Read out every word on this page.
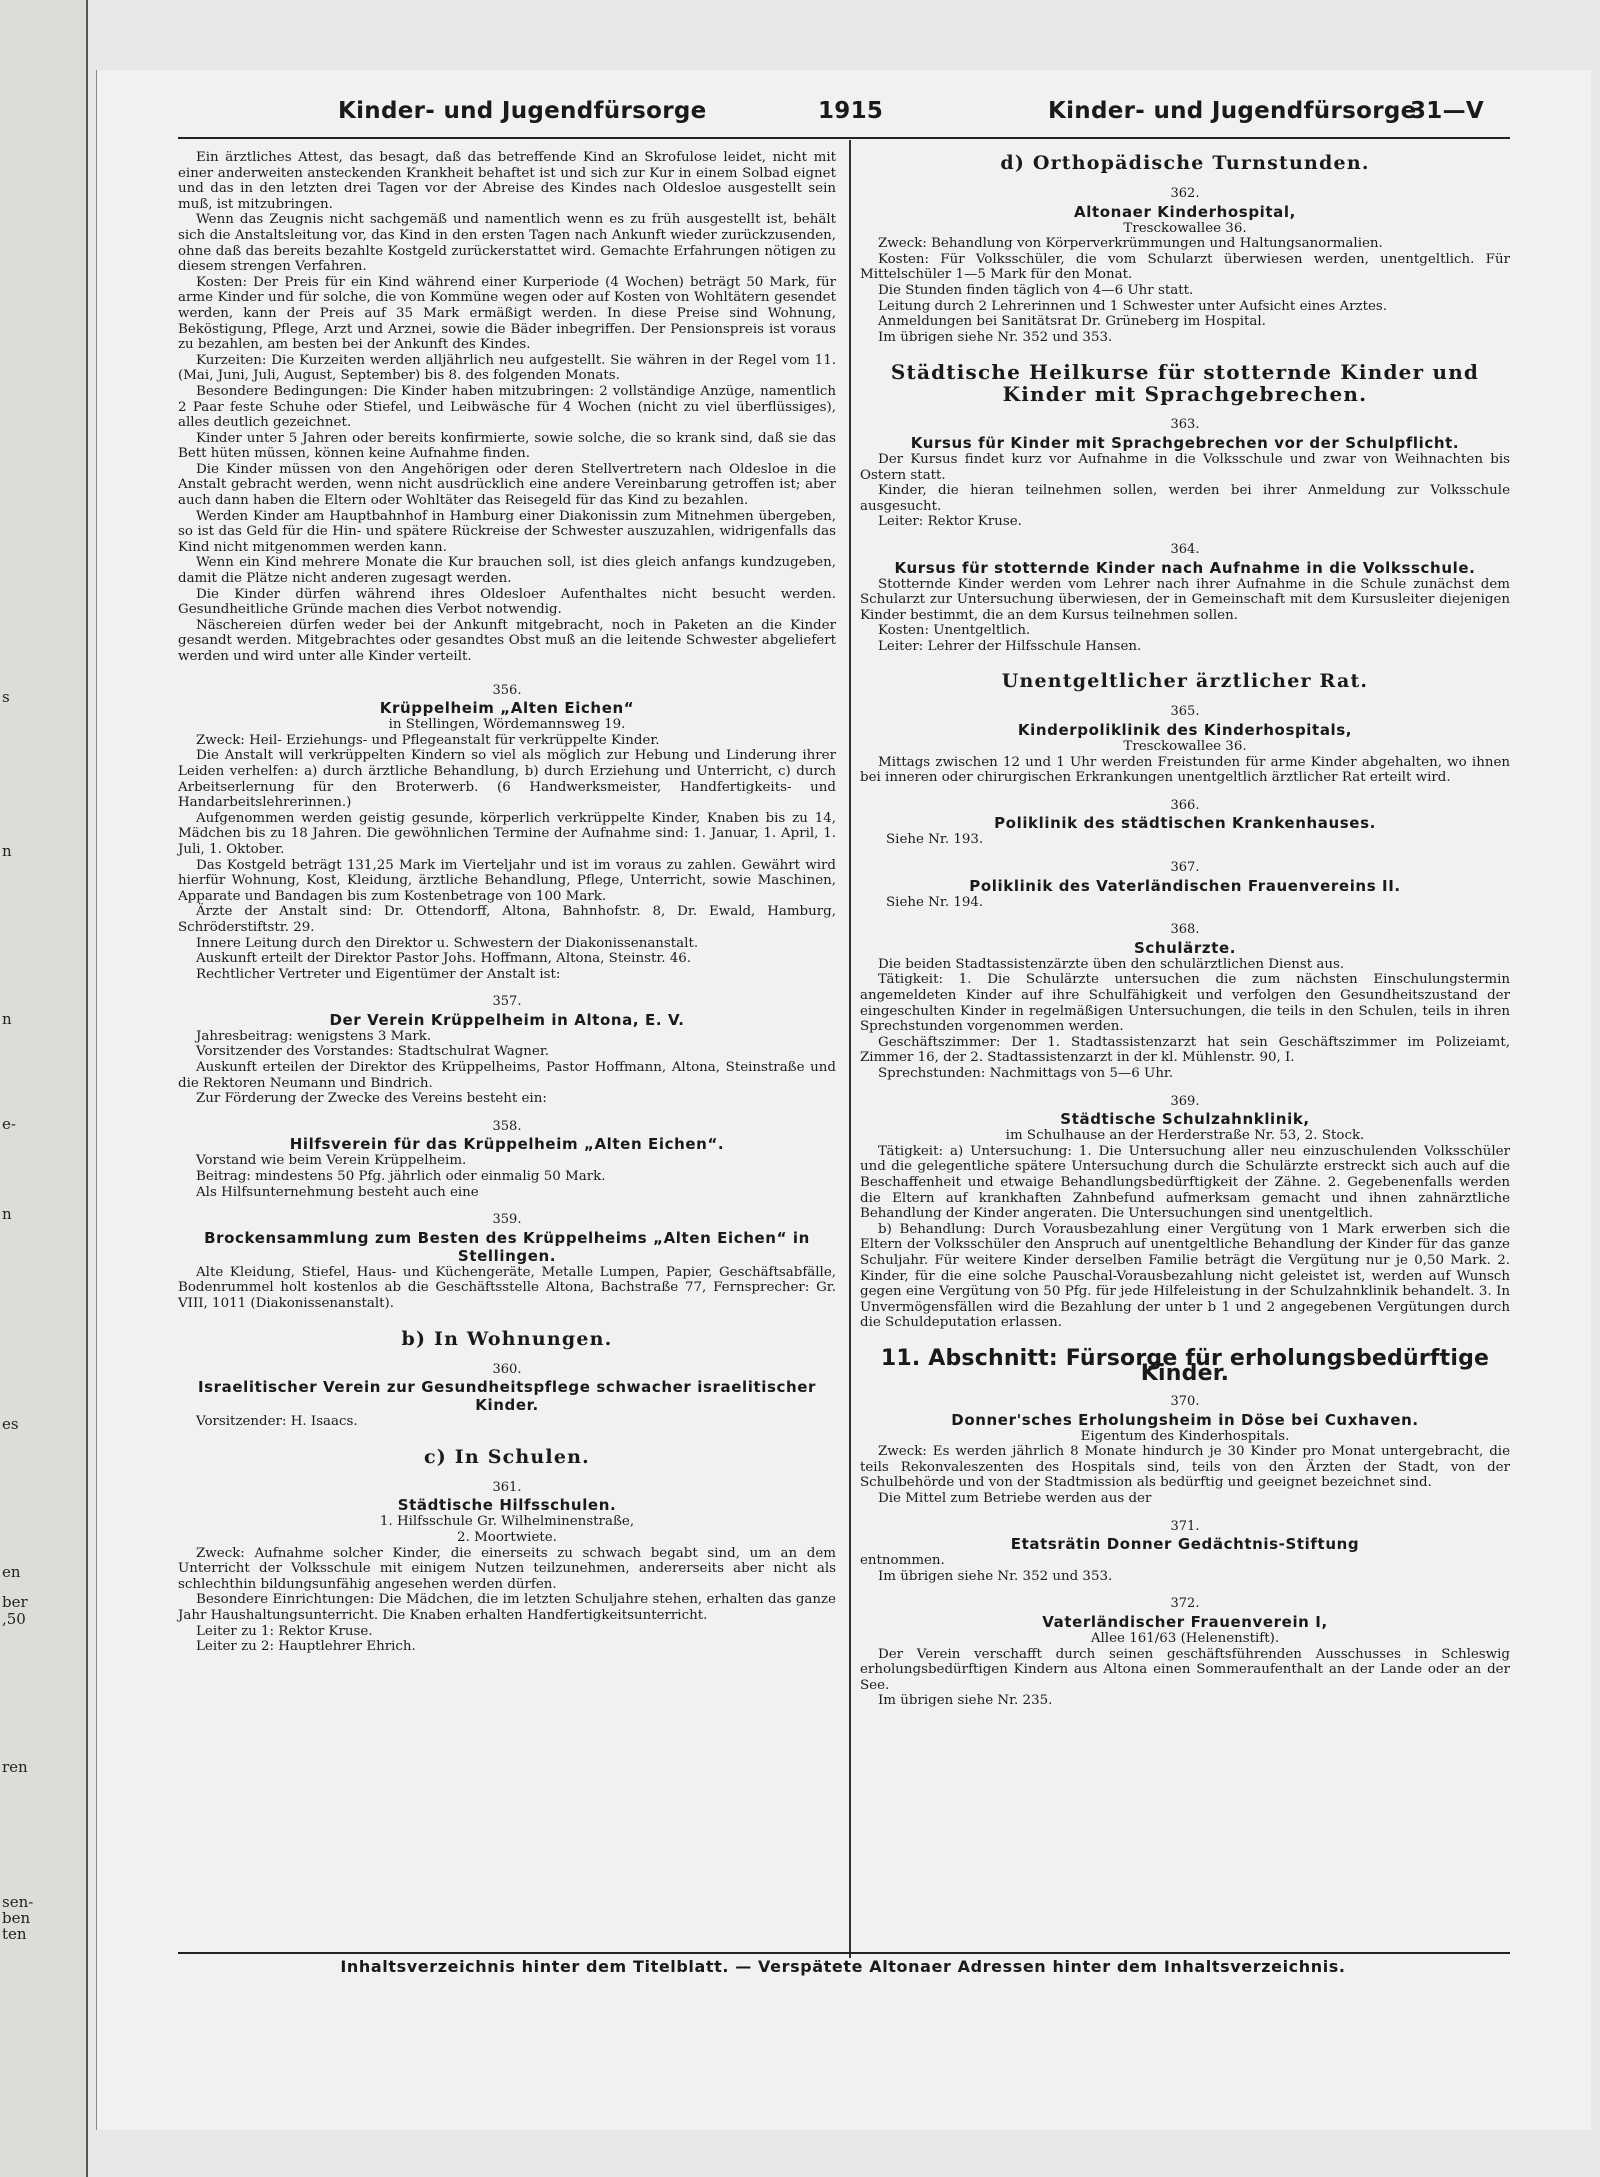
s
n
n
e-
n
es
en
ber
,50
ren
sen-
ben
ten
Kinder- und Jugendfürsorge	1915	Kinder- und Jugendfürsorge
31—V

Ein ärztliches Attest, das besagt, daß das betreffende Kind an Skrofulose leidet, nicht mit einer anderweiten ansteckenden Krankheit behaftet ist und sich zur Kur in einem Solbad eignet und das in den letzten drei Tagen vor der Abreise des Kindes nach Oldesloe ausgestellt sein muß, ist mitzubringen.

Wenn das Zeugnis nicht sachgemäß und namentlich wenn es zu früh ausgestellt ist, behält sich die Anstaltsleitung vor, das Kind in den ersten Tagen nach Ankunft wieder zurückzusenden, ohne daß das bereits bezahlte Kostgeld zurückerstattet wird. Gemachte Erfahrungen nötigen zu diesem strengen Verfahren.

Kosten: Der Preis für ein Kind während einer Kurperiode (4 Wochen) beträgt 50 Mark, für arme Kinder und für solche, die von Kommüne wegen oder auf Kosten von Wohltätern gesendet werden, kann der Preis auf 35 Mark ermäßigt werden. In diese Preise sind Wohnung, Beköstigung, Pflege, Arzt und Arznei, sowie die Bäder inbegriffen. Der Pensionspreis ist voraus zu bezahlen, am besten bei der Ankunft des Kindes.

Kurzeiten: Die Kurzeiten werden alljährlich neu aufgestellt. Sie währen in der Regel vom 11. (Mai, Juni, Juli, August, September) bis 8. des folgenden Monats.

Besondere Bedingungen: Die Kinder haben mitzubringen: 2 vollständige Anzüge, namentlich 2 Paar feste Schuhe oder Stiefel, und Leibwäsche für 4 Wochen (nicht zu viel überflüssiges), alles deutlich gezeichnet.

Kinder unter 5 Jahren oder bereits konfirmierte, sowie solche, die so krank sind, daß sie das Bett hüten müssen, können keine Aufnahme finden.

Die Kinder müssen von den Angehörigen oder deren Stellvertretern nach Oldesloe in die Anstalt gebracht werden, wenn nicht ausdrücklich eine andere Vereinbarung getroffen ist; aber auch dann haben die Eltern oder Wohltäter das Reisegeld für das Kind zu bezahlen.

Werden Kinder am Hauptbahnhof in Hamburg einer Diakonissin zum Mitnehmen übergeben, so ist das Geld für die Hin- und spätere Rückreise der Schwester auszuzahlen, widrigenfalls das Kind nicht mitgenommen werden kann.

Wenn ein Kind mehrere Monate die Kur brauchen soll, ist dies gleich anfangs kundzugeben, damit die Plätze nicht anderen zugesagt werden.

Die Kinder dürfen während ihres Oldesloer Aufenthaltes nicht besucht werden. Gesundheitliche Gründe machen dies Verbot notwendig.

Näschereien dürfen weder bei der Ankunft mitgebracht, noch in Paketen an die Kinder gesandt werden. Mitgebrachtes oder gesandtes Obst muß an die leitende Schwester abgeliefert werden und wird unter alle Kinder verteilt.

356.
Krüppelheim „Alten Eichen“
in Stellingen, Wördemannsweg 19.

Zweck: Heil- Erziehungs- und Pflegeanstalt für verkrüppelte Kinder.

Die Anstalt will verkrüppelten Kindern so viel als möglich zur Hebung und Linderung ihrer Leiden verhelfen: a) durch ärztliche Behandlung, b) durch Erziehung und Unterricht, c) durch Arbeitserlernung für den Broterwerb. (6 Handwerksmeister, Handfertigkeits- und Handarbeitslehrerinnen.)

Aufgenommen werden geistig gesunde, körperlich verkrüppelte Kinder, Knaben bis zu 14, Mädchen bis zu 18 Jahren. Die gewöhnlichen Termine der Aufnahme sind: 1. Januar, 1. April, 1. Juli, 1. Oktober.

Das Kostgeld beträgt 131,25 Mark im Vierteljahr und ist im voraus zu zahlen. Gewährt wird hierfür Wohnung, Kost, Kleidung, ärztliche Behandlung, Pflege, Unterricht, sowie Maschinen, Apparate und Bandagen bis zum Kostenbetrage von 100 Mark.

Ärzte der Anstalt sind: Dr. Ottendorff, Altona, Bahnhofstr. 8, Dr. Ewald, Hamburg, Schröderstiftstr. 29.

Innere Leitung durch den Direktor u. Schwestern der Diakonissenanstalt.

Auskunft erteilt der Direktor Pastor Johs. Hoffmann, Altona, Steinstr. 46.

Rechtlicher Vertreter und Eigentümer der Anstalt ist:

357.
Der Verein Krüppelheim in Altona, E. V.

Jahresbeitrag: wenigstens 3 Mark.

Vorsitzender des Vorstandes: Stadtschulrat Wagner.

Auskunft erteilen der Direktor des Krüppelheims, Pastor Hoffmann, Altona, Steinstraße und die Rektoren Neumann und Bindrich.

Zur Förderung der Zwecke des Vereins besteht ein:

358.
Hilfsverein für das Krüppelheim „Alten Eichen“.

Vorstand wie beim Verein Krüppelheim.

Beitrag: mindestens 50 Pfg. jährlich oder einmalig 50 Mark.

Als Hilfsunternehmung besteht auch eine

359.
Brockensammlung zum Besten des Krüppelheims „Alten Eichen“ in Stellingen.

Alte Kleidung, Stiefel, Haus- und Küchengeräte, Metalle Lumpen, Papier, Geschäftsabfälle, Bodenrummel holt kostenlos ab die Geschäftsstelle Altona, Bachstraße 77, Fernsprecher: Gr. VIII, 1011 (Diakonissenanstalt).

b) In Wohnungen.
360.
Israelitischer Verein zur Gesundheitspflege schwacher israelitischer Kinder.

Vorsitzender: H. Isaacs.

c) In Schulen.
361.
Städtische Hilfsschulen.
1. Hilfsschule Gr. Wilhelminenstraße,
2. Moortwiete.

Zweck: Aufnahme solcher Kinder, die einerseits zu schwach begabt sind, um an dem Unterricht der Volksschule mit einigem Nutzen teilzunehmen, andererseits aber nicht als schlechthin bildungsunfähig angesehen werden dürfen.

Besondere Einrichtungen: Die Mädchen, die im letzten Schuljahre stehen, erhalten das ganze Jahr Haushaltungsunterricht. Die Knaben erhalten Handfertigkeitsunterricht.

Leiter zu 1: Rektor Kruse.

Leiter zu 2: Hauptlehrer Ehrich.

d) Orthopädische Turnstunden.
362.
Altonaer Kinderhospital,
Tresckowallee 36.

Zweck: Behandlung von Körperverkrümmungen und Haltungsanormalien.

Kosten: Für Volksschüler, die vom Schularzt überwiesen werden, unentgeltlich. Für Mittelschüler 1—5 Mark für den Monat.

Die Stunden finden täglich von 4—6 Uhr statt.

Leitung durch 2 Lehrerinnen und 1 Schwester unter Aufsicht eines Arztes.

Anmeldungen bei Sanitätsrat Dr. Grüneberg im Hospital.

Im übrigen siehe Nr. 352 und 353.

Städtische Heilkurse für stotternde Kinder und Kinder mit Sprachgebrechen.
363.
Kursus für Kinder mit Sprachgebrechen vor der Schulpflicht.

Der Kursus findet kurz vor Aufnahme in die Volksschule und zwar von Weihnachten bis Ostern statt.

Kinder, die hieran teilnehmen sollen, werden bei ihrer Anmeldung zur Volksschule ausgesucht.

Leiter: Rektor Kruse.

364.
Kursus für stotternde Kinder nach Aufnahme in die Volksschule.

Stotternde Kinder werden vom Lehrer nach ihrer Aufnahme in die Schule zunächst dem Schularzt zur Untersuchung überwiesen, der in Gemeinschaft mit dem Kursusleiter diejenigen Kinder bestimmt, die an dem Kursus teilnehmen sollen.

Kosten: Unentgeltlich.

Leiter: Lehrer der Hilfsschule Hansen.

Unentgeltlicher ärztlicher Rat.
365.
Kinderpoliklinik des Kinderhospitals,
Tresckowallee 36.

Mittags zwischen 12 und 1 Uhr werden Freistunden für arme Kinder abgehalten, wo ihnen bei inneren oder chirurgischen Erkrankungen unentgeltlich ärztlicher Rat erteilt wird.

366.
Poliklinik des städtischen Krankenhauses.

Siehe Nr. 193.

367.
Poliklinik des Vaterländischen Frauenvereins II.

Siehe Nr. 194.

368.
Schulärzte.

Die beiden Stadtassistenzärzte üben den schulärztlichen Dienst aus.

Tätigkeit: 1. Die Schulärzte untersuchen die zum nächsten Einschulungstermin angemeldeten Kinder auf ihre Schulfähigkeit und verfolgen den Gesundheitszustand der eingeschulten Kinder in regelmäßigen Untersuchungen, die teils in den Schulen, teils in ihren Sprechstunden vorgenommen werden.

Geschäftszimmer: Der 1. Stadtassistenzarzt hat sein Geschäftszimmer im Polizeiamt, Zimmer 16, der 2. Stadtassistenzarzt in der kl. Mühlenstr. 90, I.

Sprechstunden: Nachmittags von 5—6 Uhr.

369.
Städtische Schulzahnklinik,
im Schulhause an der Herderstraße Nr. 53, 2. Stock.

Tätigkeit: a) Untersuchung: 1. Die Untersuchung aller neu einzuschulenden Volksschüler und die gelegentliche spätere Untersuchung durch die Schulärzte erstreckt sich auch auf die Beschaffenheit und etwaige Behandlungsbedürftigkeit der Zähne. 2. Gegebenenfalls werden die Eltern auf krankhaften Zahnbefund aufmerksam gemacht und ihnen zahnärztliche Behandlung der Kinder angeraten. Die Untersuchungen sind unentgeltlich.

b) Behandlung: Durch Vorausbezahlung einer Vergütung von 1 Mark erwerben sich die Eltern der Volksschüler den Anspruch auf unentgeltliche Behandlung der Kinder für das ganze Schuljahr. Für weitere Kinder derselben Familie beträgt die Vergütung nur je 0,50 Mark. 2. Kinder, für die eine solche Pauschal-Vorausbezahlung nicht geleistet ist, werden auf Wunsch gegen eine Vergütung von 50 Pfg. für jede Hilfeleistung in der Schulzahnklinik behandelt. 3. In Unvermögensfällen wird die Bezahlung der unter b 1 und 2 angegebenen Vergütungen durch die Schuldeputation erlassen.

11. Abschnitt: Fürsorge für erholungsbedürftige Kinder.
370.
Donner'sches Erholungsheim in Döse bei Cuxhaven.
Eigentum des Kinderhospitals.

Zweck: Es werden jährlich 8 Monate hindurch je 30 Kinder pro Monat untergebracht, die teils Rekonvaleszenten des Hospitals sind, teils von den Ärzten der Stadt, von der Schulbehörde und von der Stadtmission als bedürftig und geeignet bezeichnet sind.

Die Mittel zum Betriebe werden aus der

371.
Etatsrätin Donner Gedächtnis-Stiftung

entnommen.

Im übrigen siehe Nr. 352 und 353.

372.
Vaterländischer Frauenverein I,
Allee 161/63 (Helenenstift).

Der Verein verschafft durch seinen geschäftsführenden Ausschusses in Schleswig erholungsbedürftigen Kindern aus Altona einen Sommeraufenthalt an der Lande oder an der See.

Im übrigen siehe Nr. 235.

Inhaltsverzeichnis hinter dem Titelblatt. — Verspätete Altonaer Adressen hinter dem Inhaltsverzeichnis.
